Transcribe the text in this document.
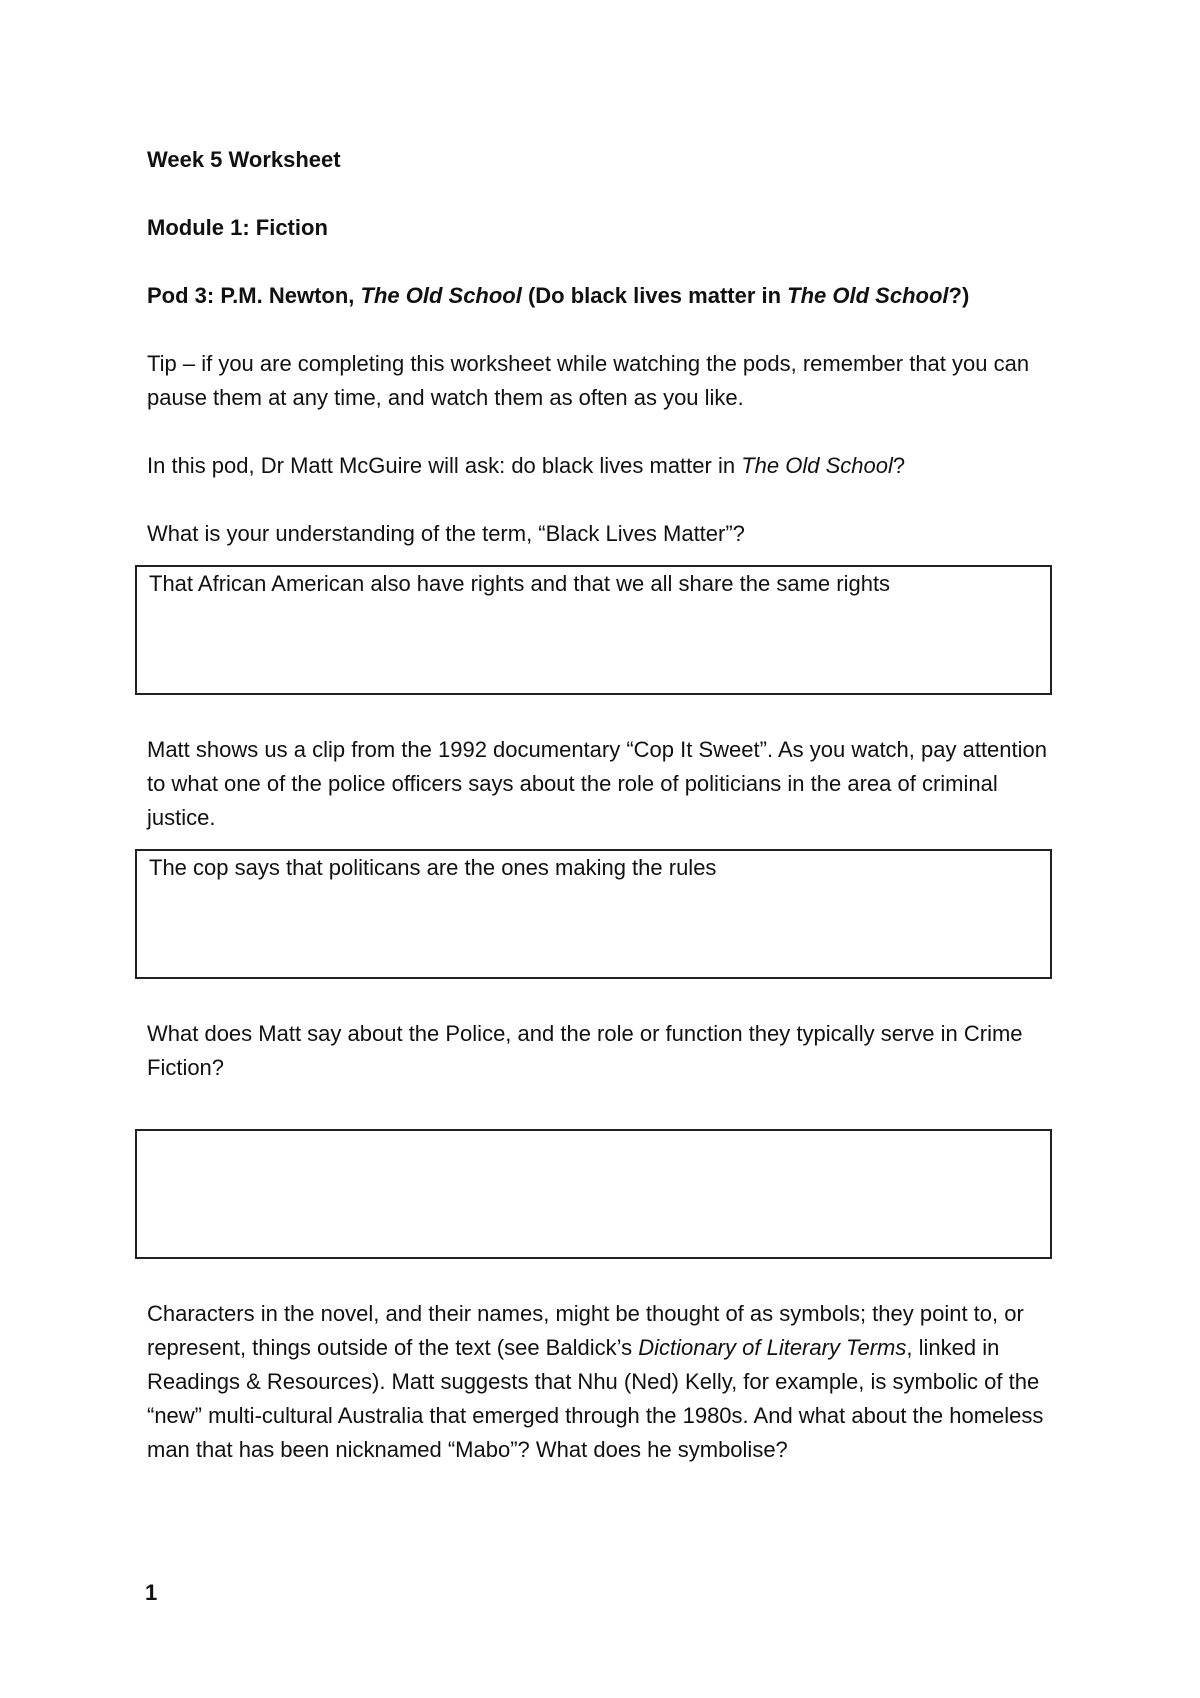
Week 5 Worksheet

Module 1: Fiction

Pod 3: P.M. Newton, The Old School (Do black lives matter in The Old School?)

Tip – if you are completing this worksheet while watching the pods, remember that you can pause them at any time, and watch them as often as you like.

In this pod, Dr Matt McGuire will ask: do black lives matter in The Old School?

What is your understanding of the term, “Black Lives Matter”?

That African American also have rights and that we all share the same rights

Matt shows us a clip from the 1992 documentary “Cop It Sweet”. As you watch, pay attention to what one of the police officers says about the role of politicians in the area of criminal justice.

The cop says that politicans are the ones making the rules

What does Matt say about the Police, and the role or function they typically serve in Crime Fiction?

Characters in the novel, and their names, might be thought of as symbols; they point to, or represent, things outside of the text (see Baldick’s Dictionary of Literary Terms, linked in Readings & Resources). Matt suggests that Nhu (Ned) Kelly, for example, is symbolic of the “new” multi-cultural Australia that emerged through the 1980s. And what about the homeless man that has been nicknamed “Mabo”? What does he symbolise?

1
